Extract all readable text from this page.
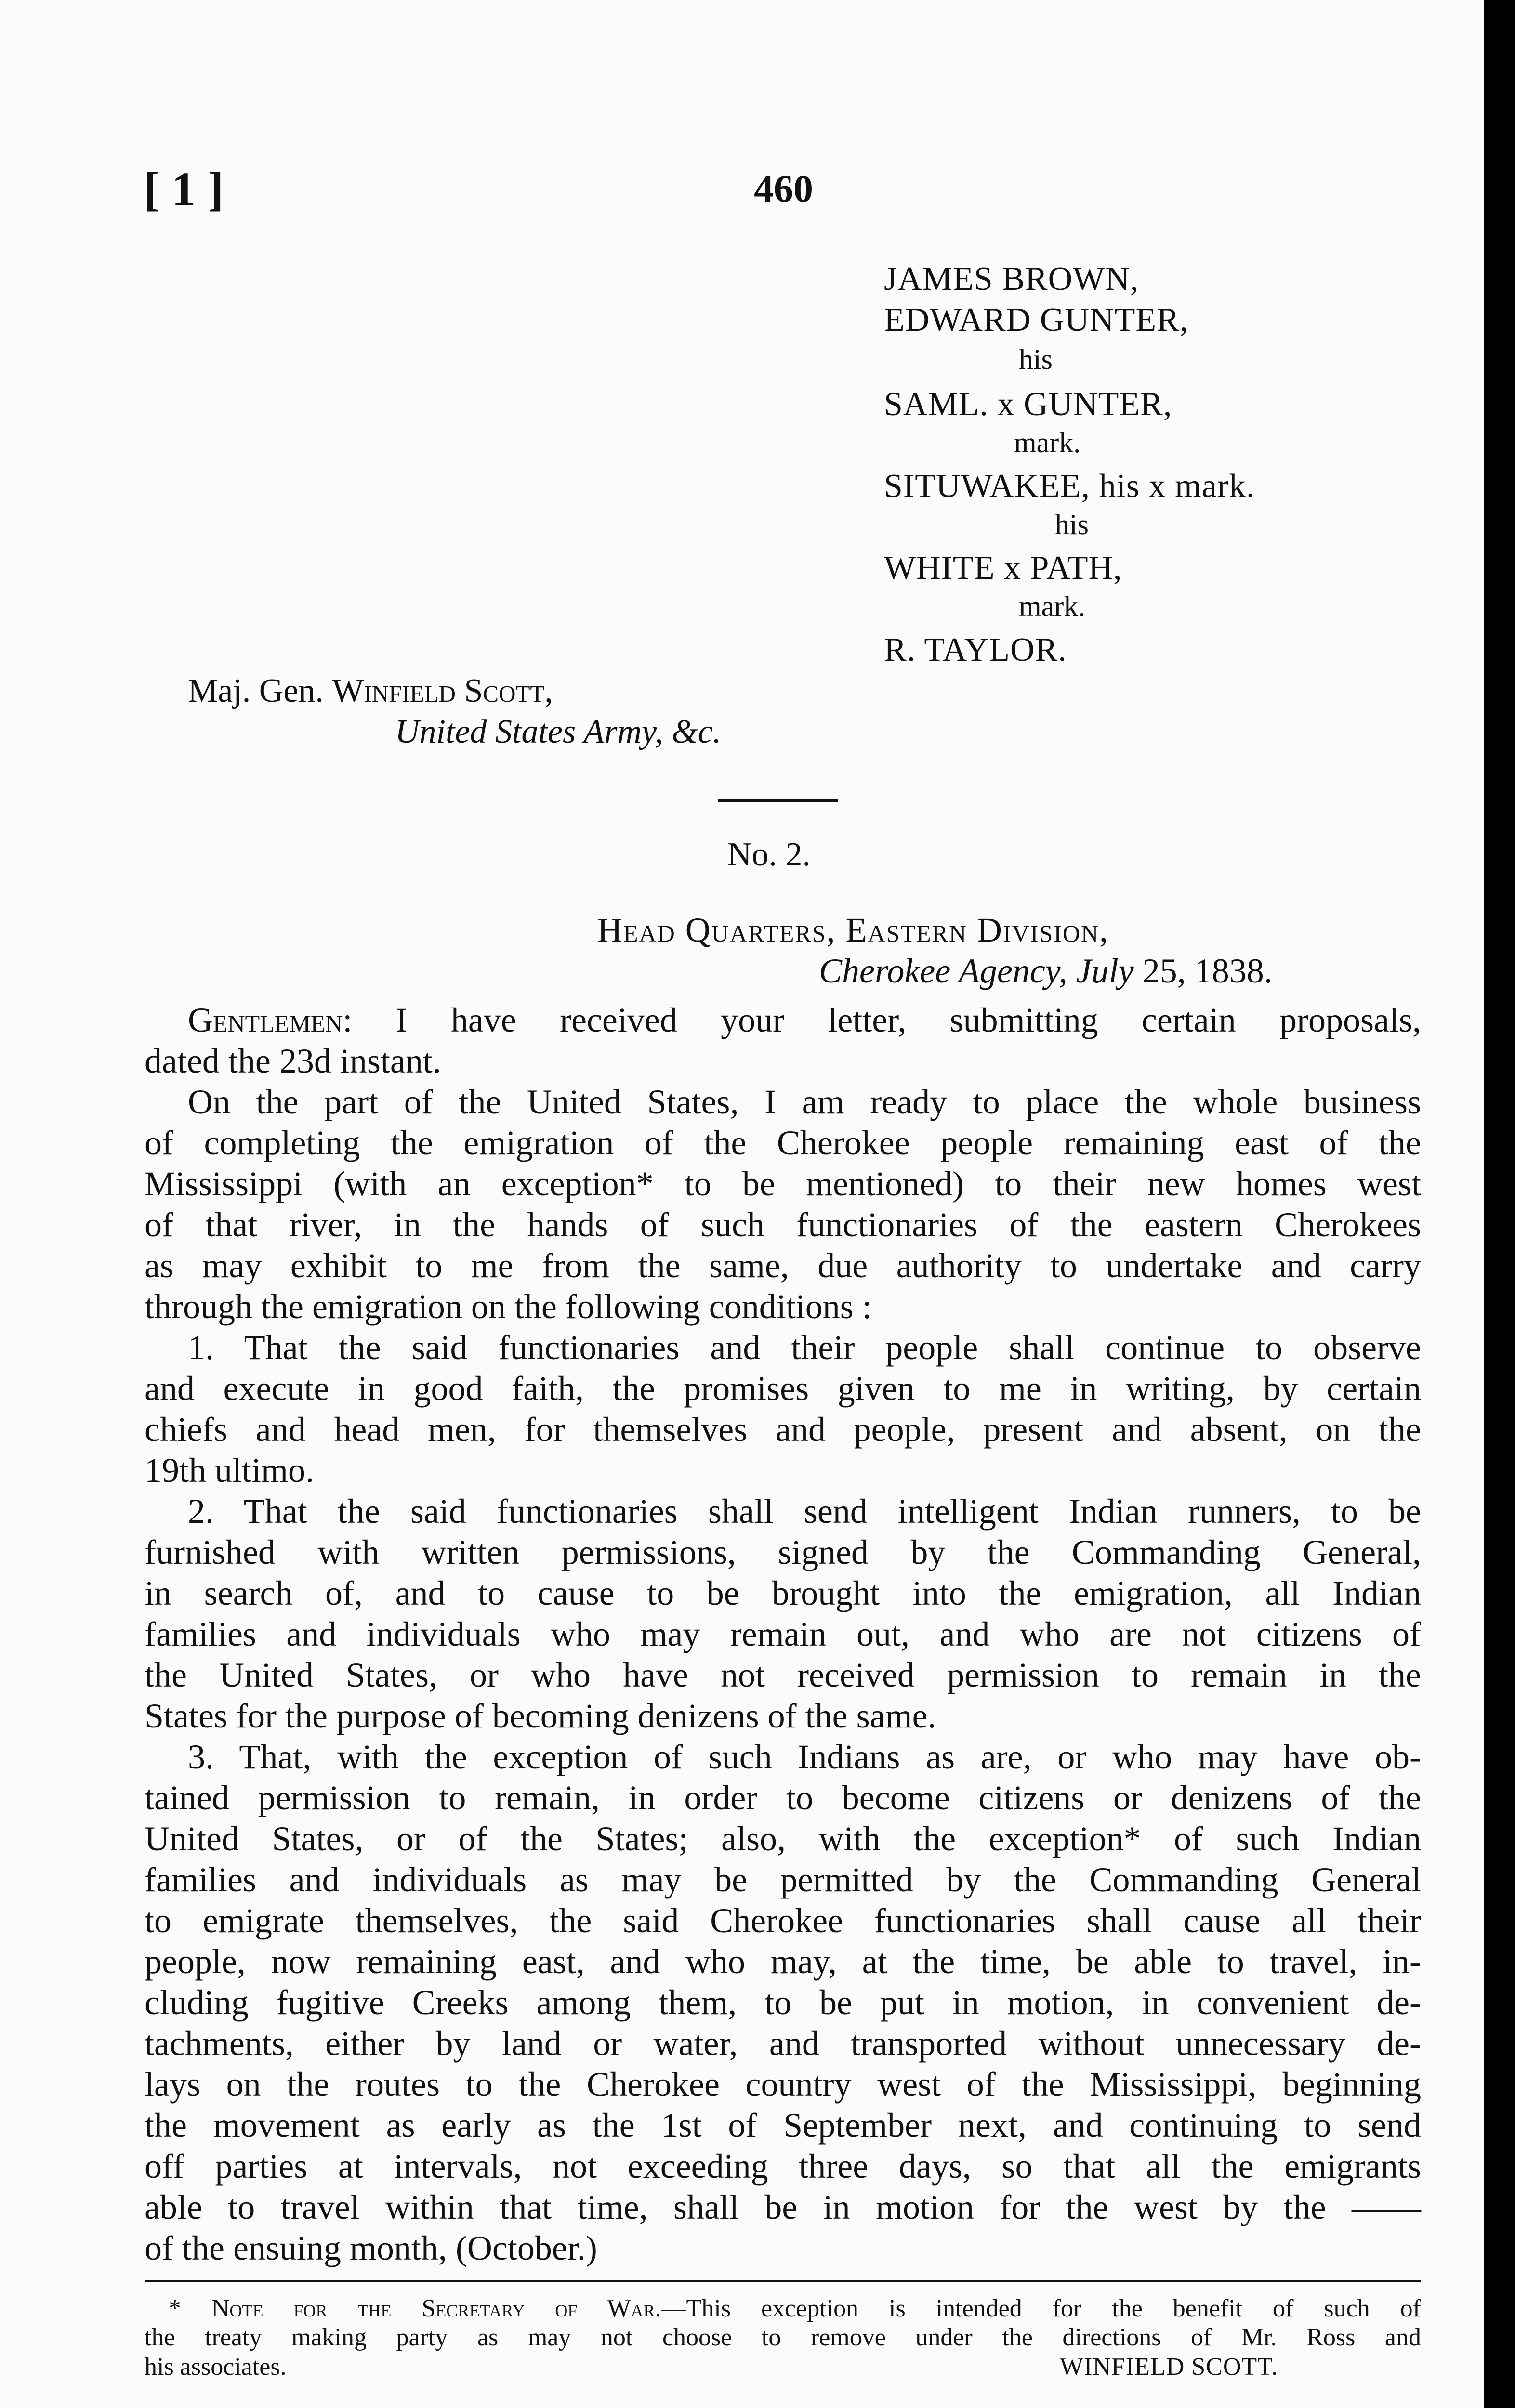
[ 1 ]	460
JAMES BROWN,
EDWARD GUNTER,
his
SAML. x GUNTER,
mark.
SITUWAKEE, his x mark.
his
WHITE x PATH,
mark.
R. TAYLOR.
Maj. Gen. Winfield Scott,
United States Army, &c.
No. 2.
Head Quarters, Eastern Division,
Cherokee Agency, July 25, 1838.
Gentlemen: I have received your letter, submitting certain proposals,
dated the 23d instant.
On the part of the United States, I am ready to place the whole business
of completing the emigration of the Cherokee people remaining east of the
Mississippi (with an exception* to be mentioned) to their new homes west
of that river, in the hands of such functionaries of the eastern Cherokees
as may exhibit to me from the same, due authority to undertake and carry
through the emigration on the following conditions :
1. That the said functionaries and their people shall continue to observe
and execute in good faith, the promises given to me in writing, by certain
chiefs and head men, for themselves and people, present and absent, on the
19th ultimo.
2. That the said functionaries shall send intelligent Indian runners, to be
furnished with written permissions, signed by the Commanding General,
in search of, and to cause to be brought into the emigration, all Indian
families and individuals who may remain out, and who are not citizens of
the United States, or who have not received permission to remain in the
States for the purpose of becoming denizens of the same.
3. That, with the exception of such Indians as are, or who may have ob-
tained permission to remain, in order to become citizens or denizens of the
United States, or of the States; also, with the exception* of such Indian
families and individuals as may be permitted by the Commanding General
to emigrate themselves, the said Cherokee functionaries shall cause all their
people, now remaining east, and who may, at the time, be able to travel, in-
cluding fugitive Creeks among them, to be put in motion, in convenient de-
tachments, either by land or water, and transported without unnecessary de-
lays on the routes to the Cherokee country west of the Mississippi, beginning
the movement as early as the 1st of September next, and continuing to send
off parties at intervals, not exceeding three days, so that all the emigrants
able to travel within that time, shall be in motion for the west by the ——
of the ensuing month, (October.)
* Note for the Secretary of War.—This exception is intended for the benefit of such of
the treaty making party as may not choose to remove under the directions of Mr. Ross and
his associates.	WINFIELD SCOTT.
